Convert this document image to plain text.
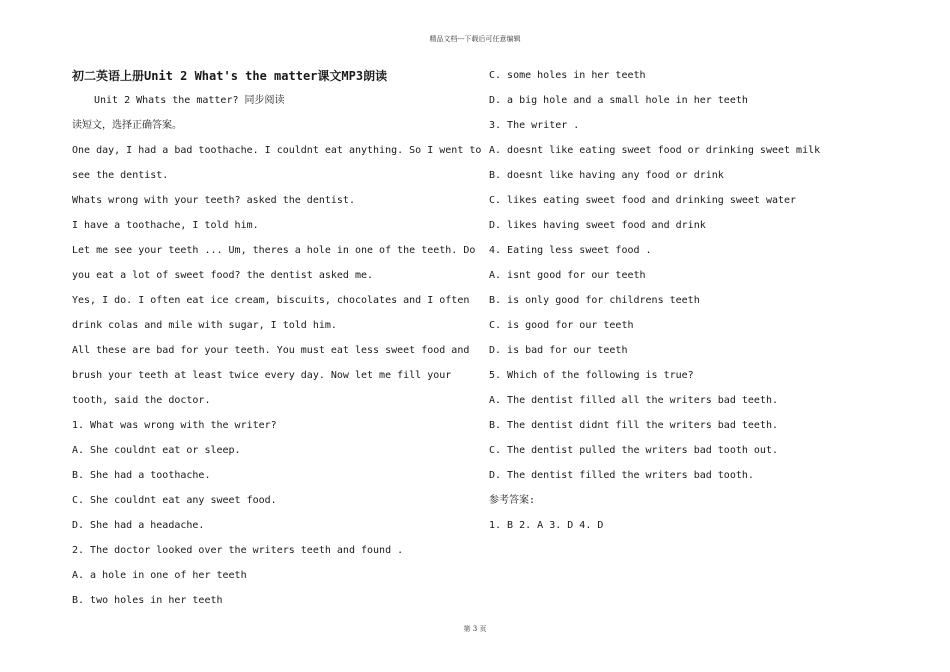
精品文档---下载后可任意编辑
初二英语上册Unit 2 What's the matter课文MP3朗读
Unit 2 Whats the matter? 同步阅读
读短文，选择正确答案。
One day, I had a bad toothache. I couldnt eat anything. So I went to
see the dentist.
Whats wrong with your teeth? asked the dentist.
I have a toothache, I told him.
Let me see your teeth ... Um, theres a hole in one of the teeth. Do
you eat a lot of sweet food? the dentist asked me.
Yes, I do. I often eat ice cream, biscuits, chocolates and I often
drink colas and mile with sugar, I told him.
All these are bad for your teeth. You must eat less sweet food and
brush your teeth at least twice every day. Now let me fill your
tooth, said the doctor.
1. What was wrong with the writer?
A. She couldnt eat or sleep.
B. She had a toothache.
C. She couldnt eat any sweet food.
D. She had a headache.
2. The doctor looked over the writers teeth and found .
A. a hole in one of her teeth
B. two holes in her teeth
C. some holes in her teeth
D. a big hole and a small hole in her teeth
3. The writer .
A. doesnt like eating sweet food or drinking sweet milk
B. doesnt like having any food or drink
C. likes eating sweet food and drinking sweet water
D. likes having sweet food and drink
4. Eating less sweet food .
A. isnt good for our teeth
B. is only good for childrens teeth
C. is good for our teeth
D. is bad for our teeth
5. Which of the following is true?
A. The dentist filled all the writers bad teeth.
B. The dentist didnt fill the writers bad teeth.
C. The dentist pulled the writers bad tooth out.
D. The dentist filled the writers bad tooth.
参考答案:
1. B 2. A 3. D 4. D
第 3 页
